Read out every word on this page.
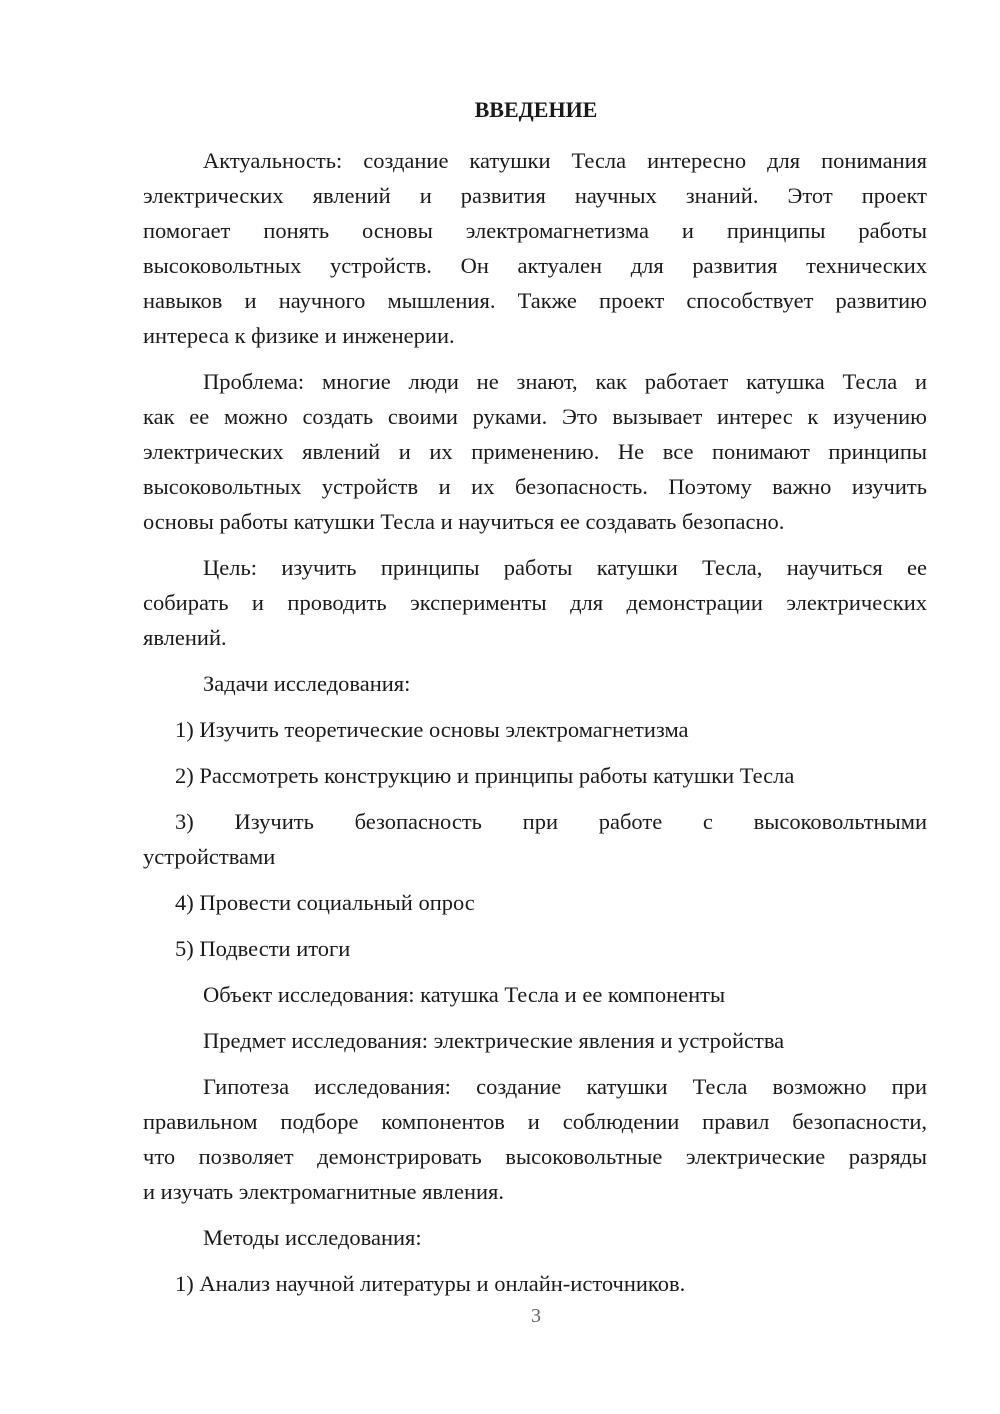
ВВЕДЕНИЕ
Актуальность: создание катушки Тесла интересно для понимания
электрических явлений и развития научных знаний. Этот проект
помогает понять основы электромагнетизма и принципы работы
высоковольтных устройств. Он актуален для развития технических
навыков и научного мышления. Также проект способствует развитию
интереса к физике и инженерии.
Проблема: многие люди не знают, как работает катушка Тесла и
как ее можно создать своими руками. Это вызывает интерес к изучению
электрических явлений и их применению. Не все понимают принципы
высоковольтных устройств и их безопасность. Поэтому важно изучить
основы работы катушки Тесла и научиться ее создавать безопасно.
Цель: изучить принципы работы катушки Тесла, научиться ее
собирать и проводить эксперименты для демонстрации электрических
явлений.
Задачи исследования:
1) Изучить теоретические основы электромагнетизма
2) Рассмотреть конструкцию и принципы работы катушки Тесла
3) Изучить безопасность при работе с высоковольтными
устройствами
4) Провести социальный опрос
5) Подвести итоги
Объект исследования: катушка Тесла и ее компоненты
Предмет исследования: электрические явления и устройства
Гипотеза исследования: создание катушки Тесла возможно при
правильном подборе компонентов и соблюдении правил безопасности,
что позволяет демонстрировать высоковольтные электрические разряды
и изучать электромагнитные явления.
Методы исследования:
1) Анализ научной литературы и онлайн-источников.
3
